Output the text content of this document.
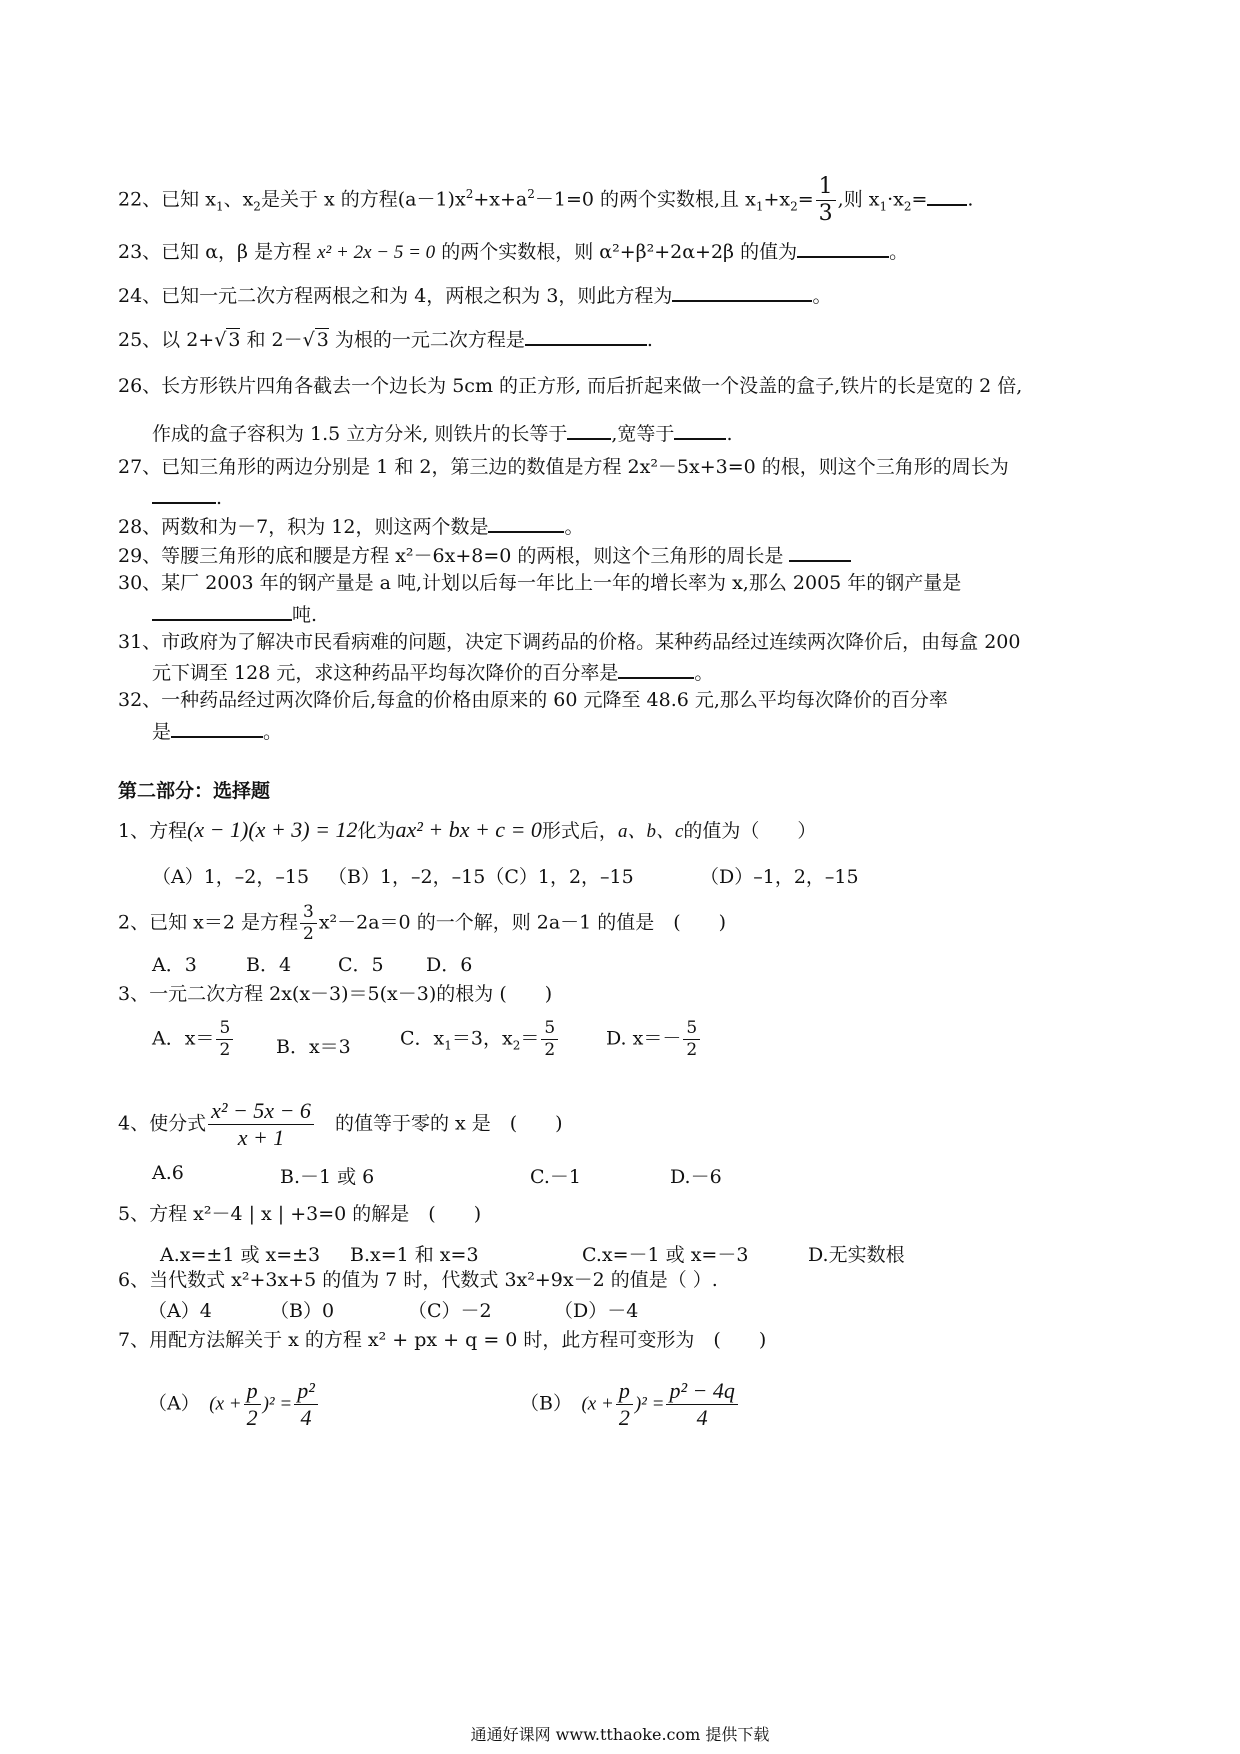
22、已知 $x_1$、$x_2$是关于 x 的方程$(a-1)x^2+x+a^2-1=0$ 的两个实数根,且 $x_1+x_2= \frac{1}{3}$ ,则 $x_1\cdot x_2=$ .
23、已知 α，β 是方程 x² + 2x − 5 = 0 的两个实数根，则 α²+β²+2α+2β 的值为	。
24、已知一元二次方程两根之和为 4，两根之积为 3，则此方程为	。
25、以 2+√ 3 和 2－√ 3 为根的一元二次方程是	.
26、长方形铁片四角各截去一个边长为 5cm 的正方形, 而后折起来做一个没盖的盒子,铁片的长是宽的 2 倍,
作成的盒子容积为 1.5 立方分米, 则铁片的长等于 ,宽等于	.
27、已知三角形的两边分别是 1 和 2，第三边的数值是方程 2x²－5x+3=0 的根，则这个三角形的周长为
.
28、两数和为－7，积为 12，则这两个数是	。
29、等腰三角形的底和腰是方程 x²－6x+8=0 的两根，则这个三角形的周长是
30、某厂 2003 年的钢产量是 a 吨,计划以后每一年比上一年的增长率为 x,那么 2005 年的钢产量是
吨.
31、市政府为了解决市民看病难的问题，决定下调药品的价格。某种药品经过连续两次降价后，由每盒 200
元下调至 128 元，求这种药品平均每次降价的百分率是	。
32、一种药品经过两次降价后,每盒的价格由原来的 60 元降至 48.6 元,那么平均每次降价的百分率
是	。
第二部分：选择题
1、方程(x − 1)(x + 3) = 12化为ax² + bx + c = 0形式后，a、b、c的值为（　　）
（A）1，–2，–15 （B）1，–2，–15（C）1，2，–15	（D）–1，2，–15
2、已知 x＝2 是方程 $\frac{3}{2} x^2-2a=0$ 的一个解，则 2a－1 的值是　(　　)
A．3	B．4 C．5 D．6
3、一元二次方程 2x(x－3)＝5(x－3)的根为 (　　)
A．$x= \frac{5}{2}$ B．x＝3	C．$x_1=3$，$x_2= \frac{5}{2}$	D. $x=- \frac{5}{2}$
4、使分式 $\frac{\text{x² − 5x − 6}}{x + 1}$
　 的值等于零的 x 是　(　　)
A.6	B.－1 或 6	C.－1	D.－6
5、方程 x²－4 | x | +3=0 的解是　(　　)
A.x=±1 或 x=±3 B.x=1 和 x=3	C.x=－1 或 x=－3	D.无实数根
6、当代数式 x²+3x+5 的值为 7 时，代数式 3x²+9x－2 的值是（ ）.
（A）4	（B）0	（C）－2	（D）－4
7、用配方法解关于 x 的方程 x² + px + q = 0 时，此方程可变形为　(　　)
（A）　 $(x + \frac{p}{2} )^2 = \frac{\text{p²}}{4}$	（B）　 $(x + \frac{p}{2} )^2 = \frac{\text{p² − 4q}}{4}$
通通好课网 www.tthaoke.com 提供下载
